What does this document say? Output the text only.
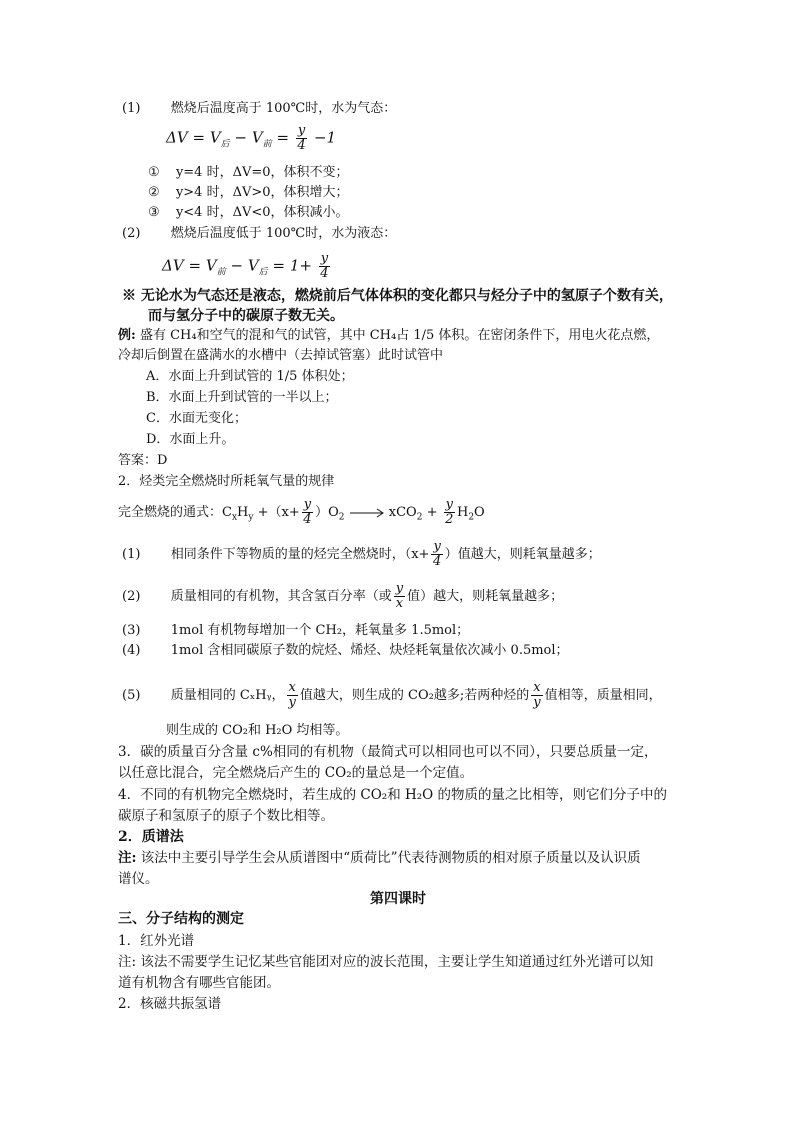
(1) 燃烧后温度高于 100℃时，水为气态：
$\Delta V = V_后 - V_前 = \frac{y}{4} -1$
① y=4 时，ΔV=0，体积不变；
② y>4 时，ΔV>0，体积增大；
③ y<4 时，ΔV<0，体积减小。
(2) 燃烧后温度低于 100℃时，水为液态：
$\Delta V = V_前 - V_后 = 1+ \frac{y}{4}$
※ 无论水为气态还是液态，燃烧前后气体体积的变化都只与烃分子中的氢原子个数有关，
而与氢分子中的碳原子数无关。
例: 盛有 CH₄和空气的混和气的试管，其中 CH₄占 1/5 体积。在密闭条件下，用电火花点燃，
冷却后倒置在盛满水的水槽中（去掉试管塞）此时试管中
A．水面上升到试管的 1/5 体积处；
B．水面上升到试管的一半以上；
C．水面无变化；
D．水面上升。
答案：D
2．烃类完全燃烧时所耗氧气量的规律
完全燃烧的通式：$C_xH_y +(x+ \frac{y}{4} )O_2 \to xCO_2 + \frac{y}{2} H_2O$
(1) 相同条件下等物质的量的烃完全燃烧时，（$x+ \frac{y}{4}$ ）值越大，则耗氧量越多；
(2) 质量相同的有机物，其含氢百分率（或 $\frac{y}{x}$ 值）越大，则耗氧量越多；
(3) 1mol 有机物每增加一个 CH₂，耗氧量多 1.5mol；
(4) 1mol 含相同碳原子数的烷烃、烯烃、炔烃耗氧量依次减小 0.5mol；
(5) 质量相同的 CₓHᵧ， $\frac{x}{y}$ 值越大，则生成的 CO₂越多;若两种烃的 $\frac{x}{y}$ 值相等，质量相同，
则生成的 CO₂和 H₂O 均相等。
3．碳的质量百分含量 c%相同的有机物（最简式可以相同也可以不同），只要总质量一定，
以任意比混合，完全燃烧后产生的 CO₂的量总是一个定值。
4．不同的有机物完全燃烧时，若生成的 CO₂和 H₂O 的物质的量之比相等，则它们分子中的
碳原子和氢原子的原子个数比相等。
2．质谱法
注: 该法中主要引导学生会从质谱图中“质荷比”代表待测物质的相对原子质量以及认识质
谱仪。
第四课时
三、分子结构的测定
1．红外光谱
注: 该法不需要学生记忆某些官能团对应的波长范围，主要让学生知道通过红外光谱可以知
道有机物含有哪些官能团。
2．核磁共振氢谱
